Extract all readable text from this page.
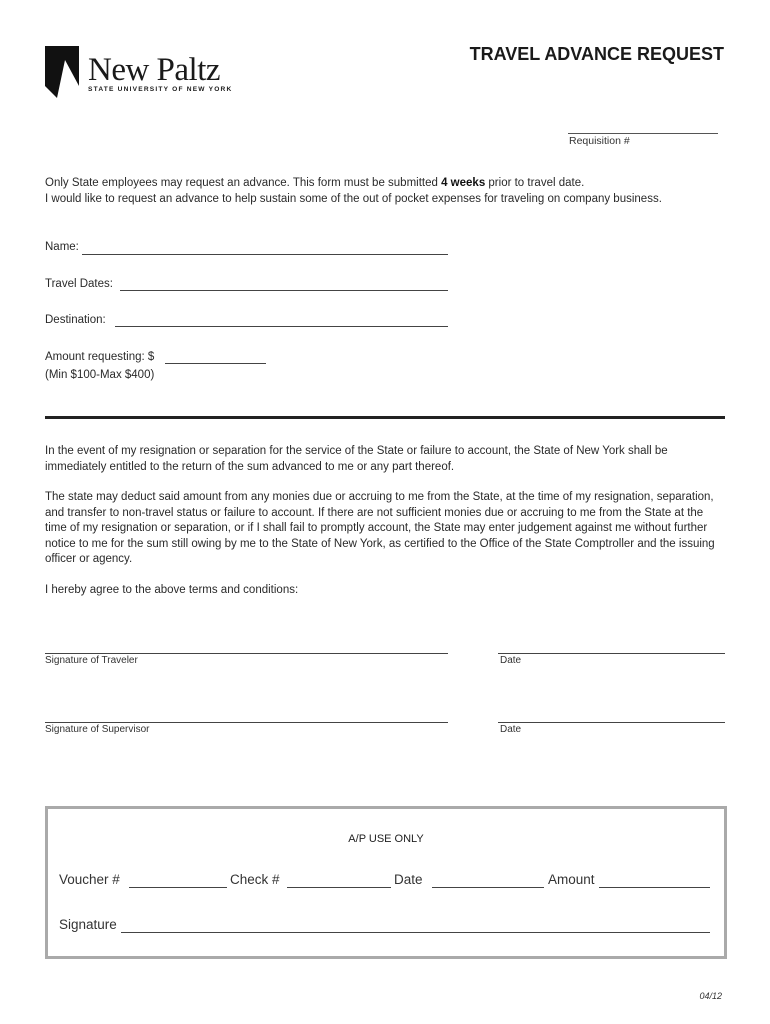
New Paltz
STATE UNIVERSITY OF NEW YORK
TRAVEL ADVANCE REQUEST
Requisition #
Only State employees may request an advance. This form must be submitted 4 weeks prior to travel date.
I would like to request an advance to help sustain some of the out of pocket expenses for traveling on company business.
Name:
Travel Dates:
Destination:
Amount requesting: $
(Min $100-Max $400)
In the event of my resignation or separation for the service of the State or failure to account, the State of New York shall be immediately entitled to the return of the sum advanced to me or any part thereof.
The state may deduct said amount from any monies due or accruing to me from the State, at the time of my resignation, separation, and transfer to non-travel status or failure to account. If there are not sufficient monies due or accruing to me from the State at the time of my resignation or separation, or if I shall fail to promptly account, the State may enter judgement against me without further notice to me for the sum still owing by me to the State of New York, as certified to the Office of the State Comptroller and the issuing officer or agency.
I hereby agree to the above terms and conditions:
Signature of Traveler	Date
Signature of Supervisor	Date
A/P USE ONLY
Voucher #	Check #	Date	Amount
Signature
04/12
